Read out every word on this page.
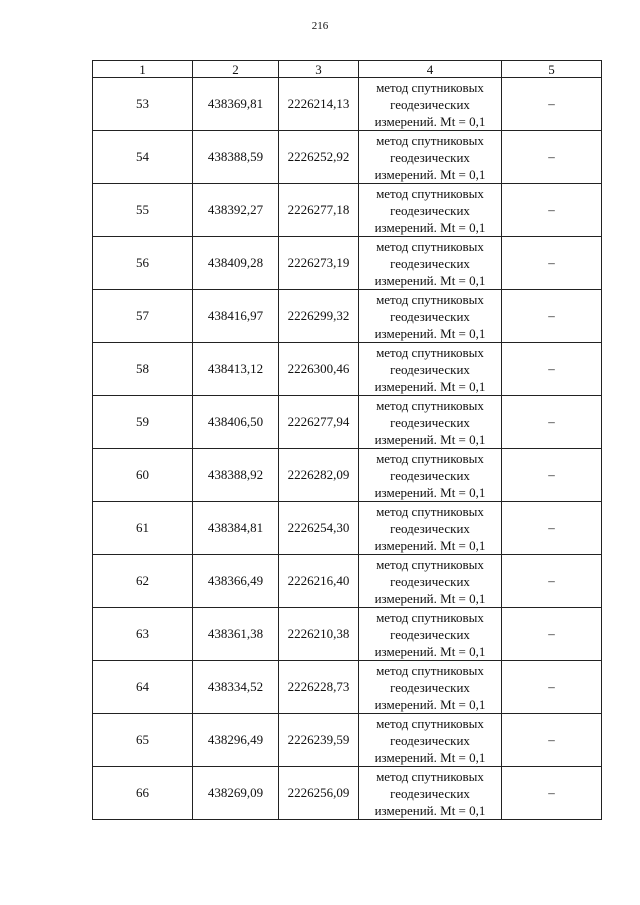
216
1	2	3	4	5
53	438369,81	2226214,13	метод спутниковых
геодезических
измерений. Mt = 0,1	–
54	438388,59	2226252,92	метод спутниковых
геодезических
измерений. Mt = 0,1	–
55	438392,27	2226277,18	метод спутниковых
геодезических
измерений. Mt = 0,1	–
56	438409,28	2226273,19	метод спутниковых
геодезических
измерений. Mt = 0,1	–
57	438416,97	2226299,32	метод спутниковых
геодезических
измерений. Mt = 0,1	–
58	438413,12	2226300,46	метод спутниковых
геодезических
измерений. Mt = 0,1	–
59	438406,50	2226277,94	метод спутниковых
геодезических
измерений. Mt = 0,1	–
60	438388,92	2226282,09	метод спутниковых
геодезических
измерений. Mt = 0,1	–
61	438384,81	2226254,30	метод спутниковых
геодезических
измерений. Mt = 0,1	–
62	438366,49	2226216,40	метод спутниковых
геодезических
измерений. Mt = 0,1	–
63	438361,38	2226210,38	метод спутниковых
геодезических
измерений. Mt = 0,1	–
64	438334,52	2226228,73	метод спутниковых
геодезических
измерений. Mt = 0,1	–
65	438296,49	2226239,59	метод спутниковых
геодезических
измерений. Mt = 0,1	–
66	438269,09	2226256,09	метод спутниковых
геодезических
измерений. Mt = 0,1	–
